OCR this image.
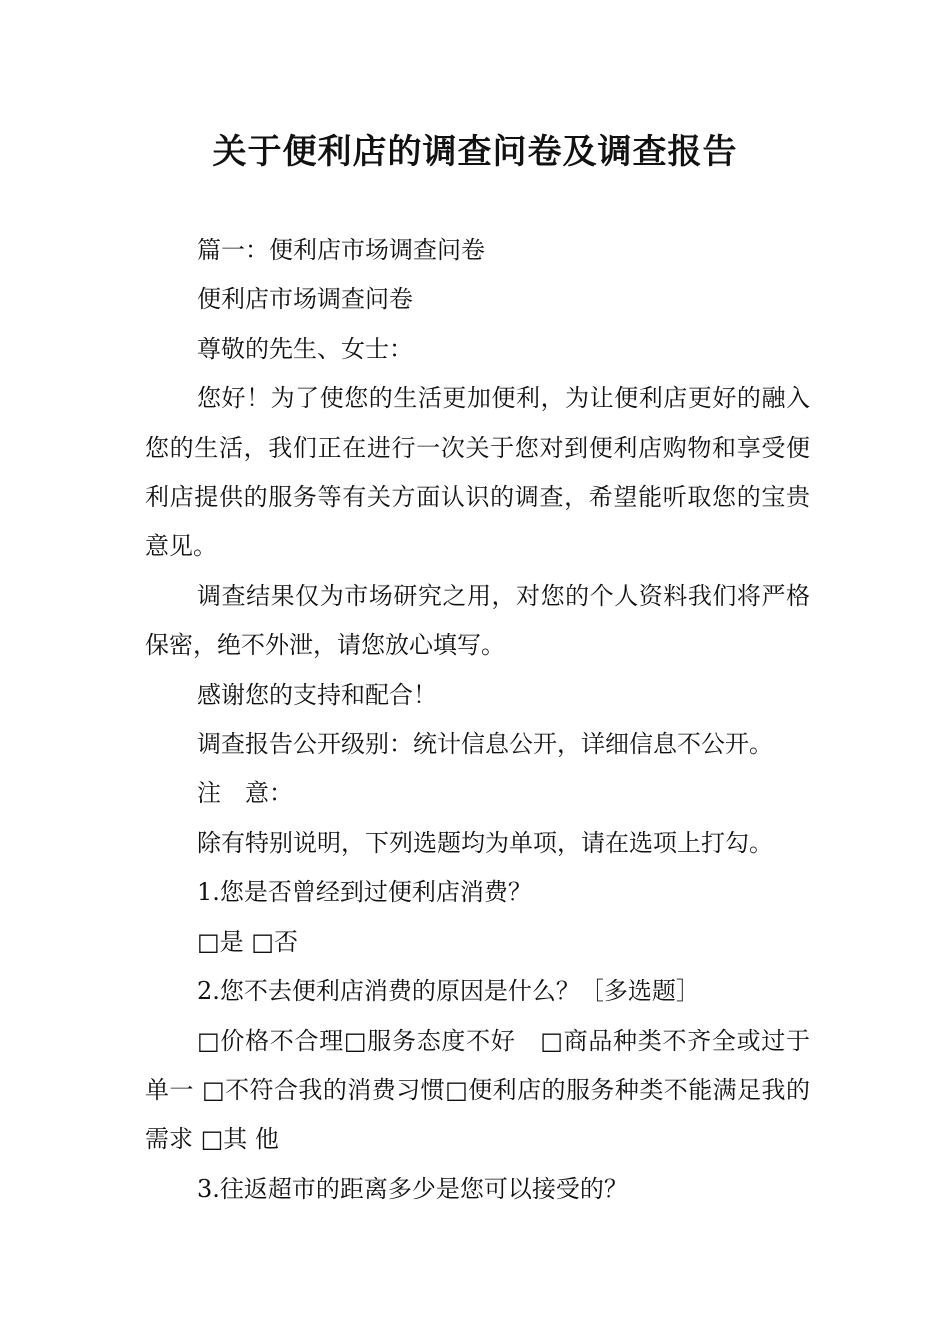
关于便利店的调查问卷及调查报告

篇一：便利店市场调查问卷

便利店市场调查问卷

尊敬的先生、女士：

您好！为了使您的生活更加便利，为让便利店更好的融入您的生活，我们正在进行一次关于您对到便利店购物和享受便利店提供的服务等有关方面认识的调查，希望能听取您的宝贵意见。

调查结果仅为市场研究之用，对您的个人资料我们将严格保密，绝不外泄，请您放心填写。

感谢您的支持和配合！

调查报告公开级别：统计信息公开，详细信息不公开。

注　意：

除有特别说明，下列选题均为单项，请在选项上打勾。

1.您是否曾经到过便利店消费？

□是 □否

2.您不去便利店消费的原因是什么？［多选题］

□价格不合理□服务态度不好　□商品种类不齐全或过于单一 □不符合我的消费习惯□便利店的服务种类不能满足我的需求 □其 他

3.往返超市的距离多少是您可以接受的？
